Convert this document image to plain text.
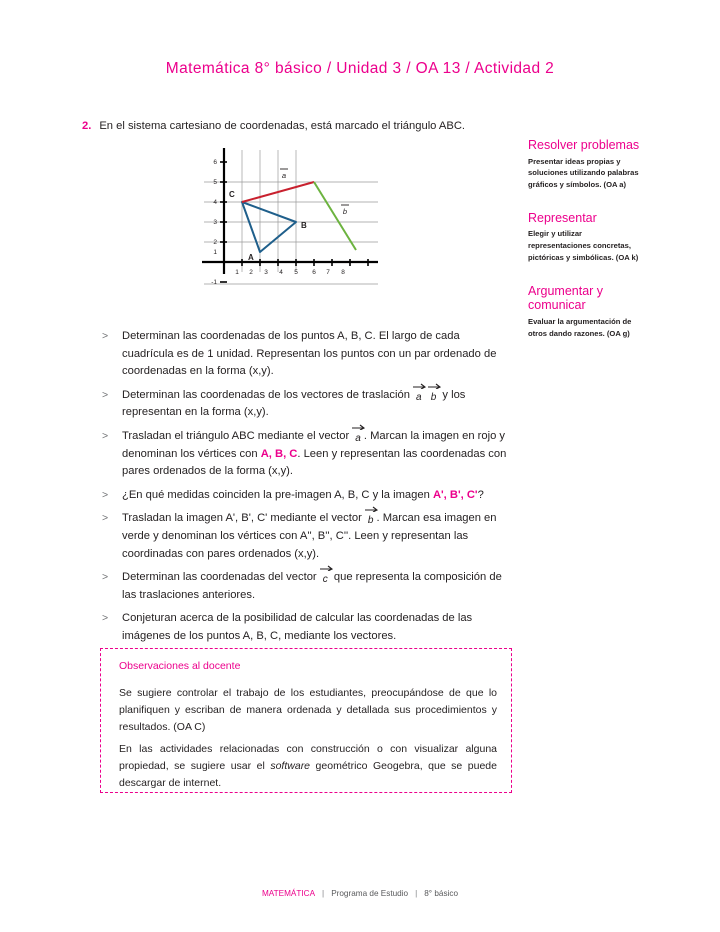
Matemática 8° básico / Unidad 3 / OA 13 / Actividad 2
2. En el sistema cartesiano de coordenadas, está marcado el triángulo ABC.
6
5
4
3
2
-1
1
1 2 3 4 5 6 7 8
C
B
A
a
b
> Determinan las coordenadas de los puntos A, B, C. El largo de cada cuadrícula es de 1 unidad. Representan los puntos con un par ordenado de coordenadas en la forma (x,y).
> Determinan las coordenadas de los vectores de traslación
a b y los representan en la forma (x,y).
> Trasladan el triángulo ABC mediante el vector
a . Marcan la imagen en rojo y denominan los vértices con A, B, C. Leen y representan las coordenadas con pares ordenados de la forma (x,y).
> ¿En qué medidas coinciden la pre-imagen A, B, C y la imagen A', B', C'?
> Trasladan la imagen A', B', C' mediante el vector
b . Marcan esa imagen en verde y denominan los vértices con A'', B'', C''. Leen y representan las coordinadas con pares ordenados (x,y).
> Determinan las coordenadas del vector
c que representa la composición de las traslaciones anteriores.
> Conjeturan acerca de la posibilidad de calcular las coordenadas de las imágenes de los puntos A, B, C, mediante los vectores.
Observaciones al docente
Se sugiere controlar el trabajo de los estudiantes, preocupándose de que lo planifiquen y escriban de manera ordenada y detallada sus procedimientos y resultados. (OA C)
En las actividades relacionadas con construcción o con visualizar alguna propiedad, se sugiere usar el software geométrico Geogebra, que se puede descargar de internet.
Resolver problemas
Presentar ideas propias y soluciones utilizando palabras gráficos y símbolos. (OA a)
Representar
Elegir y utilizar representaciones concretas, pictóricas y simbólicas. (OA k)
Argumentar y comunicar
Evaluar la argumentación de otros dando razones. (OA g)
MATEMÁTICA | Programa de Estudio | 8° básico
